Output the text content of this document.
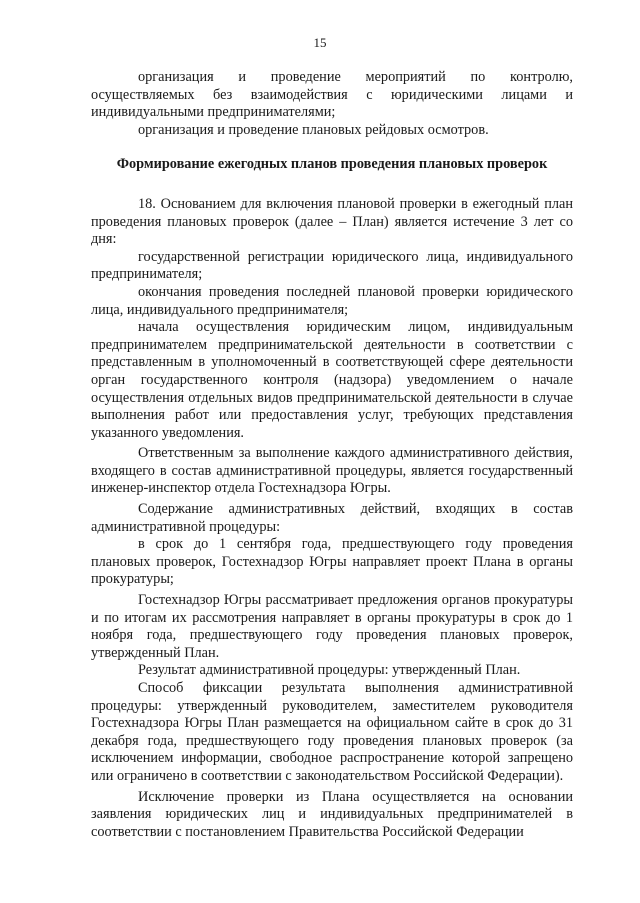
15

организация и проведение мероприятий по контролю, осуществляемых без взаимодействия с юридическими лицами и индивидуальными предпринимателями;

организация и проведение плановых рейдовых осмотров.

Формирование ежегодных планов проведения плановых проверок

18. Основанием для включения плановой проверки в ежегодный план проведения плановых проверок (далее – План) является истечение 3 лет со дня:

государственной регистрации юридического лица, индивидуального предпринимателя;

окончания проведения последней плановой проверки юридического лица, индивидуального предпринимателя;

начала осуществления юридическим лицом, индивидуальным предпринимателем предпринимательской деятельности в соответствии с представленным в уполномоченный в соответствующей сфере деятельности орган государственного контроля (надзора) уведомлением о начале осуществления отдельных видов предпринимательской деятельности в случае выполнения работ или предоставления услуг, требующих представления указанного уведомления.

Ответственным за выполнение каждого административного действия, входящего в состав административной процедуры, является государственный инженер-инспектор отдела Гостехнадзора Югры.

Содержание административных действий, входящих в состав административной процедуры:

в срок до 1 сентября года, предшествующего году проведения плановых проверок, Гостехнадзор Югры направляет проект Плана в органы прокуратуры;

Гостехнадзор Югры рассматривает предложения органов прокуратуры и по итогам их рассмотрения направляет в органы прокуратуры в срок до 1 ноября года, предшествующего году проведения плановых проверок, утвержденный План.

Результат административной процедуры: утвержденный План.

Способ фиксации результата выполнения административной процедуры: утвержденный руководителем, заместителем руководителя Гостехнадзора Югры План размещается на официальном сайте в срок до 31 декабря года, предшествующего году проведения плановых проверок (за исключением информации, свободное распространение которой запрещено или ограничено в соответствии с законодательством Российской Федерации).

Исключение проверки из Плана осуществляется на основании заявления юридических лиц и индивидуальных предпринимателей в соответствии с постановлением Правительства Российской Федерации
